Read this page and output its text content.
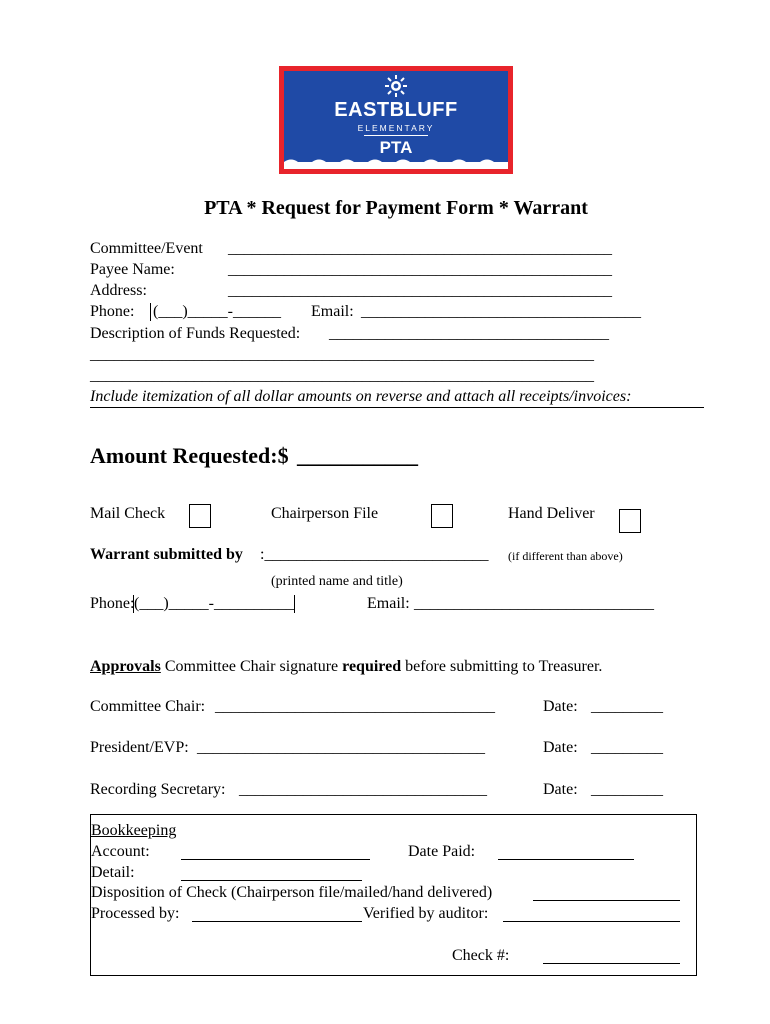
EASTBLUFF
ELEMENTARY
PTA
PTA * Request for Payment Form * Warrant
Committee/Event ________________________________________________
Payee Name:	________________________________________________
Address:	________________________________________________
Phone: (___)_____-______ Email: ___________________________________
Description of Funds Requested: ___________________________________
_______________________________________________________________
_______________________________________________________________
Include itemization of all dollar amounts on reverse and attach all receipts/invoices:
Amount Requested:$ ___________
Mail Check	Chairperson File	Hand Deliver
Warrant submitted by :____________________________ (if different than above)
(printed name and title)
Phone: (___)_____-__________	Email: ______________________________
Approvals Committee Chair signature required before submitting to Treasurer.
Committee Chair: ___________________________________	Date: _________
President/EVP: ____________________________________	Date: _________
Recording Secretary: _______________________________	Date: _________
Bookkeeping
Account:	Date Paid:
Detail:
Disposition of Check (Chairperson file/mailed/hand delivered)
Processed by:	Verified by auditor:
Check #:
